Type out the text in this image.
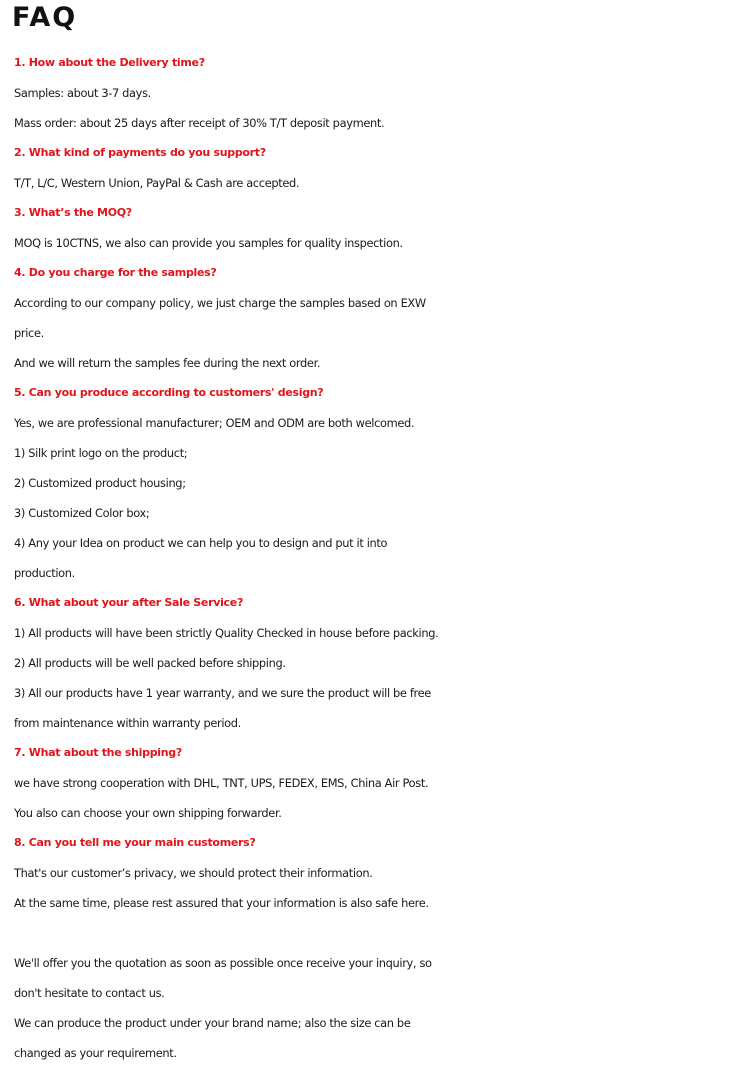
FAQ
1. How about the Delivery time?
Samples: about 3-7 days.
Mass order: about 25 days after receipt of 30% T/T deposit payment.
2. What kind of payments do you support?
T/T, L/C, Western Union, PayPal & Cash are accepted.
3. What’s the MOQ?
MOQ is 10CTNS, we also can provide you samples for quality inspection.
4. Do you charge for the samples?
According to our company policy, we just charge the samples based on EXW
price.
And we will return the samples fee during the next order.
5. Can you produce according to customers' design?
Yes, we are professional manufacturer; OEM and ODM are both welcomed.
1) Silk print logo on the product;
2) Customized product housing;
3) Customized Color box;
4) Any your Idea on product we can help you to design and put it into
production.
6. What about your after Sale Service?
1) All products will have been strictly Quality Checked in house before packing.
2) All products will be well packed before shipping.
3) All our products have 1 year warranty, and we sure the product will be free
from maintenance within warranty period.
7. What about the shipping?
we have strong cooperation with DHL, TNT, UPS, FEDEX, EMS, China Air Post.
You also can choose your own shipping forwarder.
8. Can you tell me your main customers?
That's our customer’s privacy, we should protect their information.
At the same time, please rest assured that your information is also safe here.
We'll offer you the quotation as soon as possible once receive your inquiry, so
don't hesitate to contact us.
We can produce the product under your brand name; also the size can be
changed as your requirement.
